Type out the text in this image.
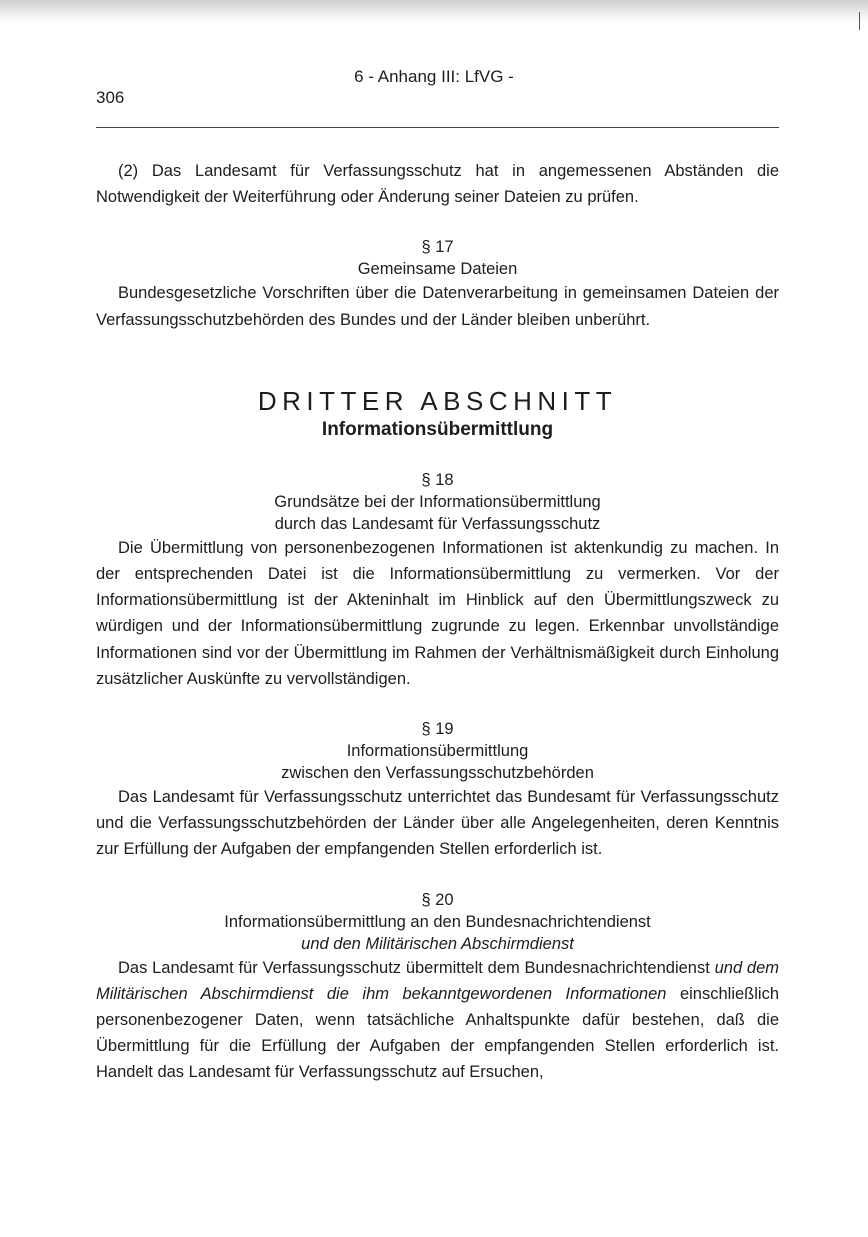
6 - Anhang III: LfVG -
306

(2) Das Landesamt für Verfassungsschutz hat in angemessenen Abständen die Notwendigkeit der Weiterführung oder Änderung seiner Dateien zu prüfen.

§ 17

Gemeinsame Dateien

Bundesgesetzliche Vorschriften über die Datenverarbeitung in gemeinsamen Dateien der Verfassungsschutzbehörden des Bundes und der Länder bleiben unberührt.

DRITTER ABSCHNITT

Informationsübermittlung

§ 18

Grundsätze bei der Informationsübermittlung

durch das Landesamt für Verfassungsschutz

Die Übermittlung von personenbezogenen Informationen ist aktenkundig zu machen. In der entsprechenden Datei ist die Informationsübermittlung zu vermerken. Vor der Informationsübermittlung ist der Akteninhalt im Hinblick auf den Übermittlungszweck zu würdigen und der Informationsübermittlung zugrunde zu legen. Erkennbar unvollständige Informationen sind vor der Übermittlung im Rahmen der Verhältnismäßigkeit durch Einholung zusätzlicher Auskünfte zu vervollständigen.

§ 19

Informationsübermittlung

zwischen den Verfassungsschutzbehörden

Das Landesamt für Verfassungsschutz unterrichtet das Bundesamt für Verfassungsschutz und die Verfassungsschutzbehörden der Länder über alle Angelegenheiten, deren Kenntnis zur Erfüllung der Aufgaben der empfangenden Stellen erforderlich ist.

§ 20

Informationsübermittlung an den Bundesnachrichtendienst

und den Militärischen Abschirmdienst

Das Landesamt für Verfassungsschutz übermittelt dem Bundesnachrichtendienst und dem Militärischen Abschirmdienst die ihm bekanntgewordenen Informationen einschließlich personenbezogener Daten, wenn tatsächliche Anhaltspunkte dafür bestehen, daß die Übermittlung für die Erfüllung der Aufgaben der empfangenden Stellen erforderlich ist. Handelt das Landesamt für Verfassungsschutz auf Ersuchen,
